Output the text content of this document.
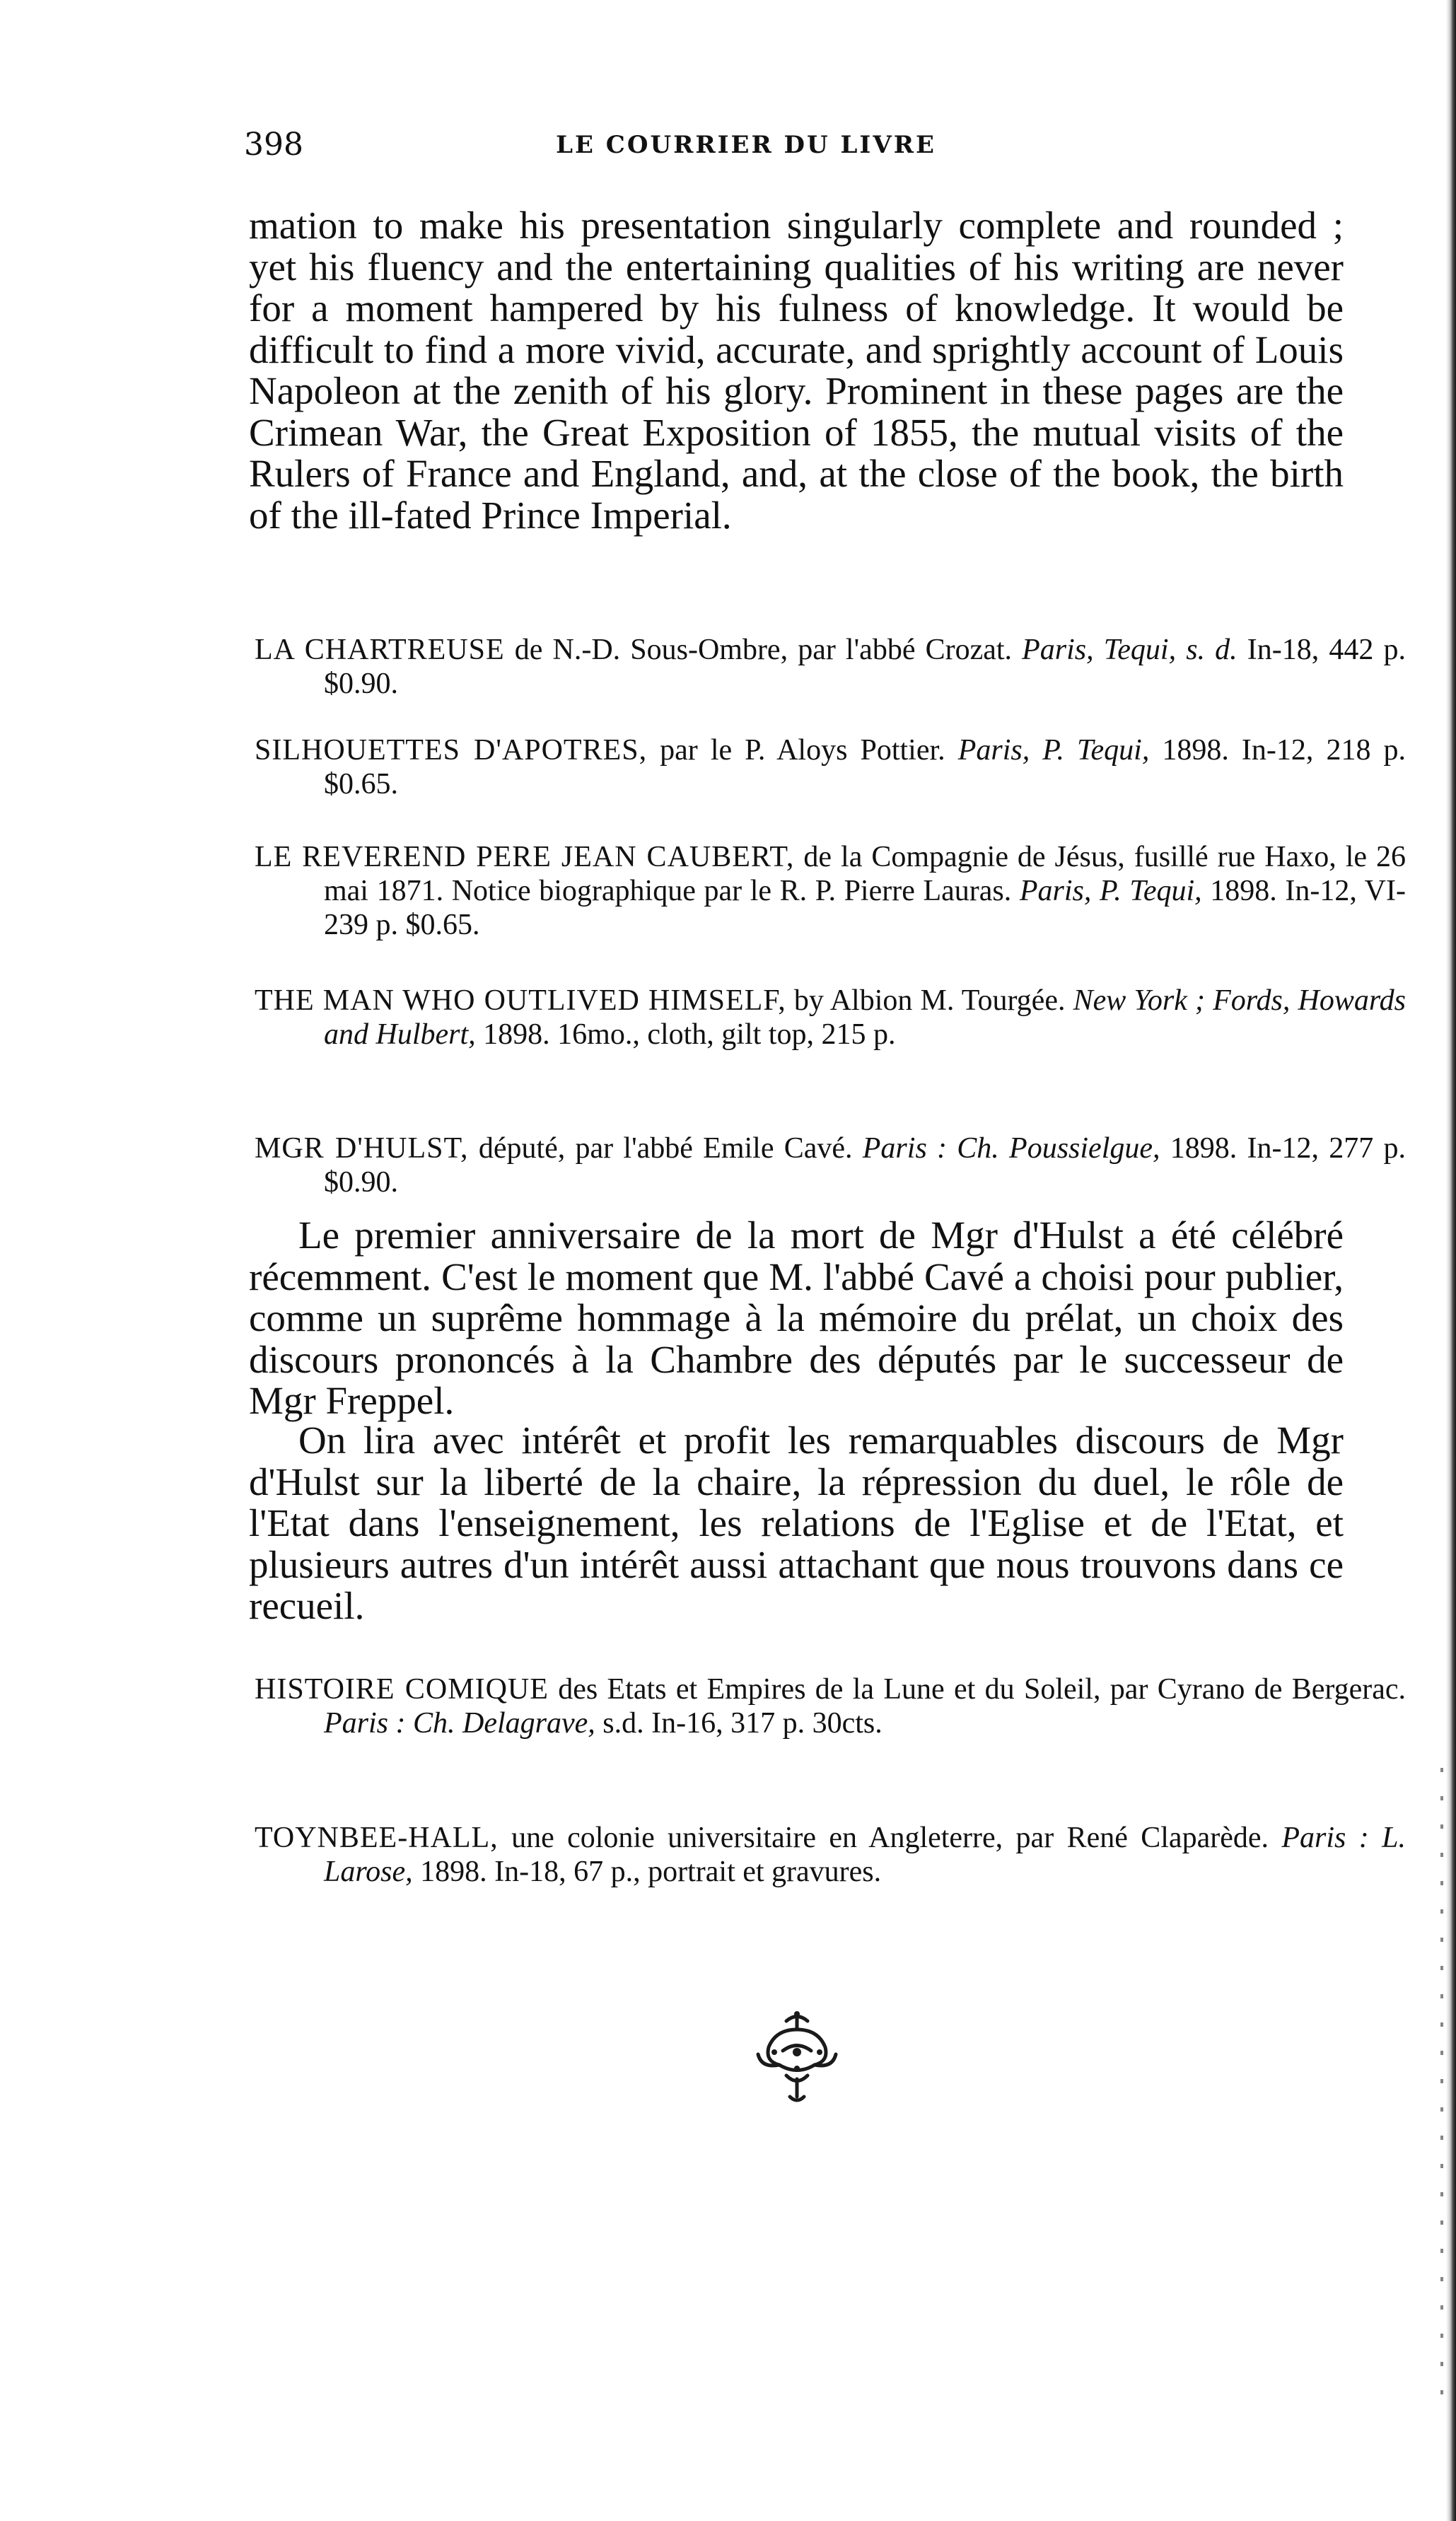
398	LE COURRIER DU LIVRE

mation to make his presentation singularly complete and rounded ; yet his fluency and the entertaining qualities of his writing are never for a moment hampered by his fulness of knowledge. It would be difficult to find a more vivid, accurate, and sprightly account of Louis Napoleon at the zenith of his glory. Prominent in these pages are the Crimean War, the Great Exposition of 1855, the mutual visits of the Rulers of France and England, and, at the close of the book, the birth of the ill-fated Prince Imperial.

LA CHARTREUSE de N.-D. Sous-Ombre, par l'abbé Crozat. Paris, Tequi, s. d. In-18, 442 p. $0.90.
SILHOUETTES D'APOTRES, par le P. Aloys Pottier. Paris, P. Tequi, 1898. In-12, 218 p. $0.65.
LE REVEREND PERE JEAN CAUBERT, de la Compagnie de Jésus, fusillé rue Haxo, le 26 mai 1871. Notice biographique par le R. P. Pierre Lauras. Paris, P. Tequi, 1898. In-12, VI-239 p. $0.65.
THE MAN WHO OUTLIVED HIMSELF, by Albion M. Tourgée. New York ; Fords, Howards and Hulbert, 1898. 16mo., cloth, gilt top, 215 p.
MGR D'HULST, député, par l'abbé Emile Cavé. Paris : Ch. Poussielgue, 1898. In-12, 277 p. $0.90.

Le premier anniversaire de la mort de Mgr d'Hulst a été célébré récemment. C'est le moment que M. l'abbé Cavé a choisi pour publier, comme un suprême hommage à la mémoire du prélat, un choix des discours prononcés à la Chambre des députés par le successeur de Mgr Freppel.

On lira avec intérêt et profit les remarquables discours de Mgr d'Hulst sur la liberté de la chaire, la répression du duel, le rôle de l'Etat dans l'enseignement, les relations de l'Eglise et de l'Etat, et plusieurs autres d'un intérêt aussi attachant que nous trouvons dans ce recueil.

HISTOIRE COMIQUE des Etats et Empires de la Lune et du Soleil, par Cyrano de Bergerac. Paris : Ch. Delagrave, s.d. In-16, 317 p. 30cts.
TOYNBEE-HALL, une colonie universitaire en Angleterre, par René Claparède. Paris : L. Larose, 1898. In-18, 67 p., portrait et gravures.
